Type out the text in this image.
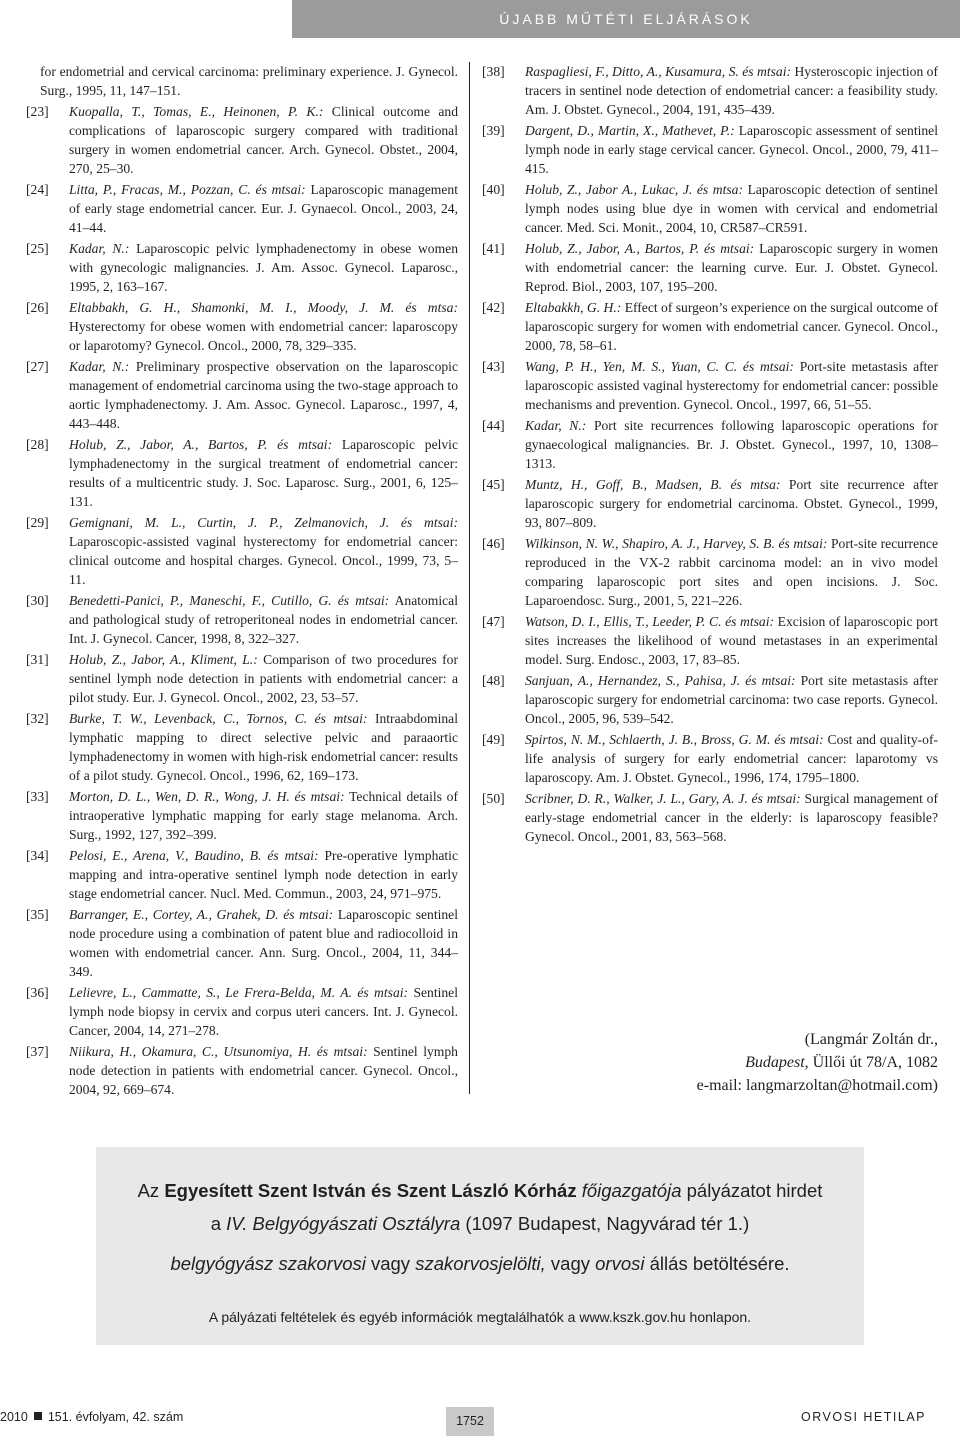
ÚJABB MŰTÉTI ELJÁRÁSOK
for endometrial and cervical carcinoma: preliminary experience. J. Gynecol. Surg., 1995, 11, 147–151.
[23] Kuopalla, T., Tomas, E., Heinonen, P. K.: Clinical outcome and complications of laparoscopic surgery compared with traditional surgery in women endometrial cancer. Arch. Gynecol. Obstet., 2004, 270, 25–30.
[24] Litta, P., Fracas, M., Pozzan, C. és mtsai: Laparoscopic management of early stage endometrial cancer. Eur. J. Gynaecol. Oncol., 2003, 24, 41–44.
[25] Kadar, N.: Laparoscopic pelvic lymphadenectomy in obese women with gynecologic malignancies. J. Am. Assoc. Gynecol. Laparosc., 1995, 2, 163–167.
[26] Eltabbakh, G. H., Shamonki, M. I., Moody, J. M. és mtsa: Hysterectomy for obese women with endometrial cancer: laparoscopy or laparotomy? Gynecol. Oncol., 2000, 78, 329–335.
[27] Kadar, N.: Preliminary prospective observation on the laparoscopic management of endometrial carcinoma using the two-stage approach to aortic lymphadenectomy. J. Am. Assoc. Gynecol. Laparosc., 1997, 4, 443–448.
[28] Holub, Z., Jabor, A., Bartos, P. és mtsai: Laparoscopic pelvic lymphadenectomy in the surgical treatment of endometrial cancer: results of a multicentric study. J. Soc. Laparosc. Surg., 2001, 6, 125–131.
[29] Gemignani, M. L., Curtin, J. P., Zelmanovich, J. és mtsai: Laparoscopic-assisted vaginal hysterectomy for endometrial cancer: clinical outcome and hospital charges. Gynecol. Oncol., 1999, 73, 5–11.
[30] Benedetti-Panici, P., Maneschi, F., Cutillo, G. és mtsai: Anatomical and pathological study of retroperitoneal nodes in endometrial cancer. Int. J. Gynecol. Cancer, 1998, 8, 322–327.
[31] Holub, Z., Jabor, A., Kliment, L.: Comparison of two procedures for sentinel lymph node detection in patients with endometrial cancer: a pilot study. Eur. J. Gynecol. Oncol., 2002, 23, 53–57.
[32] Burke, T. W., Levenback, C., Tornos, C. és mtsai: Intraabdominal lymphatic mapping to direct selective pelvic and paraaortic lymphadenectomy in women with high-risk endometrial cancer: results of a pilot study. Gynecol. Oncol., 1996, 62, 169–173.
[33] Morton, D. L., Wen, D. R., Wong, J. H. és mtsai: Technical details of intraoperative lymphatic mapping for early stage melanoma. Arch. Surg., 1992, 127, 392–399.
[34] Pelosi, E., Arena, V., Baudino, B. és mtsai: Pre-operative lymphatic mapping and intra-operative sentinel lymph node detection in early stage endometrial cancer. Nucl. Med. Commun., 2003, 24, 971–975.
[35] Barranger, E., Cortey, A., Grahek, D. és mtsai: Laparoscopic sentinel node procedure using a combination of patent blue and radiocolloid in women with endometrial cancer. Ann. Surg. Oncol., 2004, 11, 344–349.
[36] Lelievre, L., Cammatte, S., Le Frera-Belda, M. A. és mtsai: Sentinel lymph node biopsy in cervix and corpus uteri cancers. Int. J. Gynecol. Cancer, 2004, 14, 271–278.
[37] Niikura, H., Okamura, C., Utsunomiya, H. és mtsai: Sentinel lymph node detection in patients with endometrial cancer. Gynecol. Oncol., 2004, 92, 669–674.
[38] Raspagliesi, F., Ditto, A., Kusamura, S. és mtsai: Hysteroscopic injection of tracers in sentinel node detection of endometrial cancer: a feasibility study. Am. J. Obstet. Gynecol., 2004, 191, 435–439.
[39] Dargent, D., Martin, X., Mathevet, P.: Laparoscopic assessment of sentinel lymph node in early stage cervical cancer. Gynecol. Oncol., 2000, 79, 411–415.
[40] Holub, Z., Jabor A., Lukac, J. és mtsa: Laparoscopic detection of sentinel lymph nodes using blue dye in women with cervical and endometrial cancer. Med. Sci. Monit., 2004, 10, CR587–CR591.
[41] Holub, Z., Jabor, A., Bartos, P. és mtsai: Laparoscopic surgery in women with endometrial cancer: the learning curve. Eur. J. Obstet. Gynecol. Reprod. Biol., 2003, 107, 195–200.
[42] Eltabakkh, G. H.: Effect of surgeon’s experience on the surgical outcome of laparoscopic surgery for women with endometrial cancer. Gynecol. Oncol., 2000, 78, 58–61.
[43] Wang, P. H., Yen, M. S., Yuan, C. C. és mtsai: Port-site metastasis after laparoscopic assisted vaginal hysterectomy for endometrial cancer: possible mechanisms and prevention. Gynecol. Oncol., 1997, 66, 51–55.
[44] Kadar, N.: Port site recurrences following laparoscopic operations for gynaecological malignancies. Br. J. Obstet. Gynecol., 1997, 10, 1308–1313.
[45] Muntz, H., Goff, B., Madsen, B. és mtsa: Port site recurrence after laparoscopic surgery for endometrial carcinoma. Obstet. Gynecol., 1999, 93, 807–809.
[46] Wilkinson, N. W., Shapiro, A. J., Harvey, S. B. és mtsai: Port-site recurrence reproduced in the VX-2 rabbit carcinoma model: an in vivo model comparing laparoscopic port sites and open incisions. J. Soc. Laparoendosc. Surg., 2001, 5, 221–226.
[47] Watson, D. I., Ellis, T., Leeder, P. C. és mtsai: Excision of laparoscopic port sites increases the likelihood of wound metastases in an experimental model. Surg. Endosc., 2003, 17, 83–85.
[48] Sanjuan, A., Hernandez, S., Pahisa, J. és mtsai: Port site metastasis after laparoscopic surgery for endometrial carcinoma: two case reports. Gynecol. Oncol., 2005, 96, 539–542.
[49] Spirtos, N. M., Schlaerth, J. B., Bross, G. M. és mtsai: Cost and quality-of-life analysis of surgery for early endometrial cancer: laparotomy vs laparoscopy. Am. J. Obstet. Gynecol., 1996, 174, 1795–1800.
[50] Scribner, D. R., Walker, J. L., Gary, A. J. és mtsai: Surgical management of early-stage endometrial cancer in the elderly: is laparoscopy feasible? Gynecol. Oncol., 2001, 83, 563–568.
(Langmár Zoltán dr.,
Budapest, Üllői út 78/A, 1082
e-mail: langmarzoltan@hotmail.com)
Az Egyesített Szent István és Szent László Kórház főigazgatója pályázatot hirdet
a IV. Belgyógyászati Osztályra (1097 Budapest, Nagyvárad tér 1.)
belgyógyász szakorvosi vagy szakorvosjelölti, vagy orvosi állás betöltésére.
A pályázati feltételek és egyéb információk megtalálhatók a www.kszk.gov.hu honlapon.
2010 151. évfolyam, 42. szám	1752	ORVOSI HETILAP
